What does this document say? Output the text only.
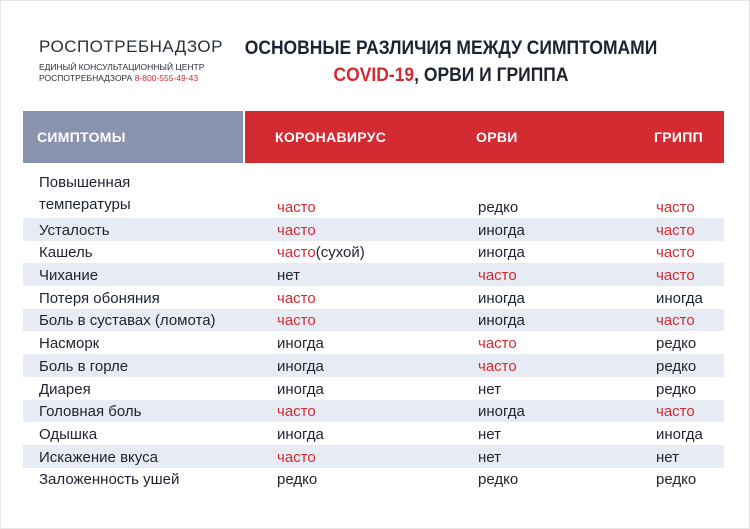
РОСПОТРЕБНАДЗОР
ЕДИНЫЙ КОНСУЛЬТАЦИОННЫЙ ЦЕНТР
РОСПОТРЕБНАДЗОРА 8-800-555-49-43
ОСНОВНЫЕ РАЗЛИЧИЯ МЕЖДУ СИМПТОМАМИ
COVID-19, ОРВИ И ГРИППА
СИМПТОМЫ	КОРОНАВИРУС	ОРВИ	ГРИПП
Повышенная
температуры	часто	редко	часто
Усталость	часто	иногда	часто
Кашель	часто(сухой)	иногда	часто
Чихание	нет	часто	часто
Потеря обоняния	часто	иногда	иногда
Боль в суставах (ломота)	часто	иногда	часто
Насморк	иногда	часто	редко
Боль в горле	иногда	часто	редко
Диарея	иногда	нет	редко
Головная боль	часто	иногда	часто
Одышка	иногда	нет	иногда
Искажение вкуса	часто	нет	нет
Заложенность ушей	редко	редко	редко
